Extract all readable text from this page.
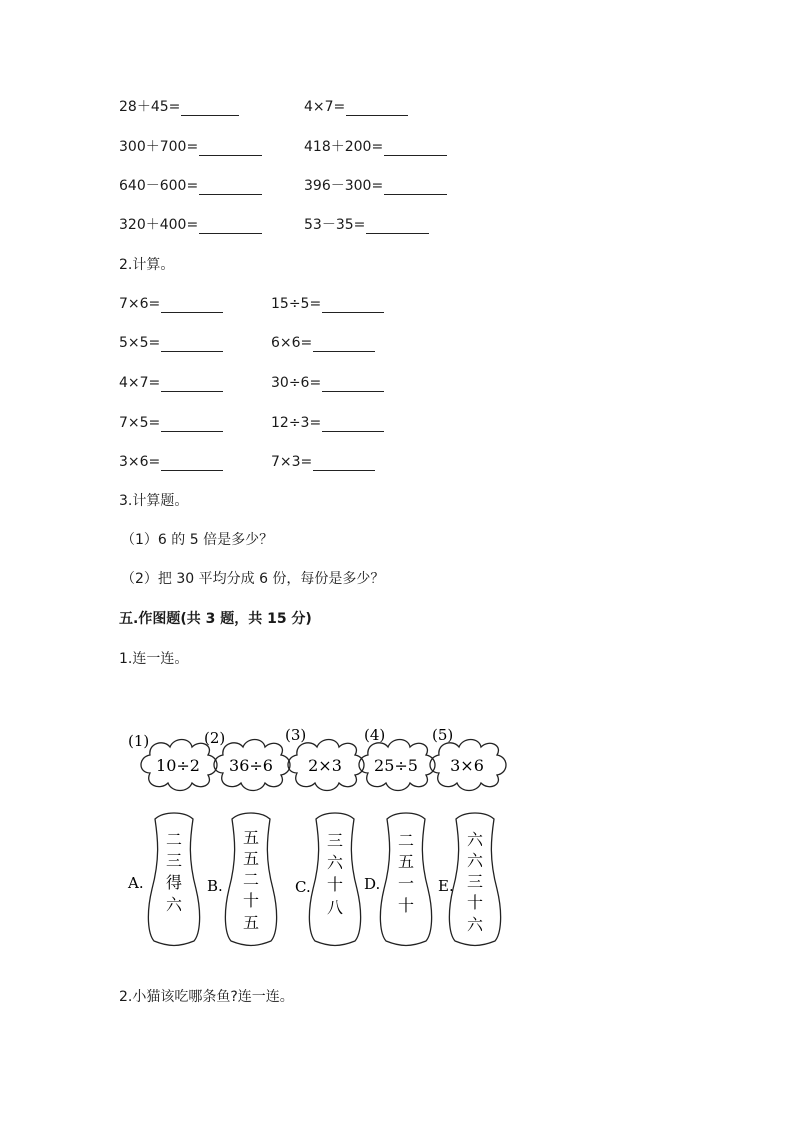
28＋45=	4×7=
300＋700=	418＋200=
640－600=	396－300=
320＋400=	53－35=
2.计算。
7×6=	15÷5=
5×5=	6×6=
4×7=	30÷6=
7×5=	12÷3=
3×6=	7×3=
3.计算题。
（1）6 的 5 倍是多少？
（2）把 30 平均分成 6 份，每份是多少？
五.作图题(共 3 题，共 15 分)
1.连一连。
(1)
10÷2
(2)
36÷6
(3)
2×3
(4)
25÷5
(5)
3×6
A.
二
三
得
六
B.
五
五
二
十
五
C.
三
六
十
八
D.
二
五
一
十
E.
六
六
三
十
六
2.小猫该吃哪条鱼?连一连。
